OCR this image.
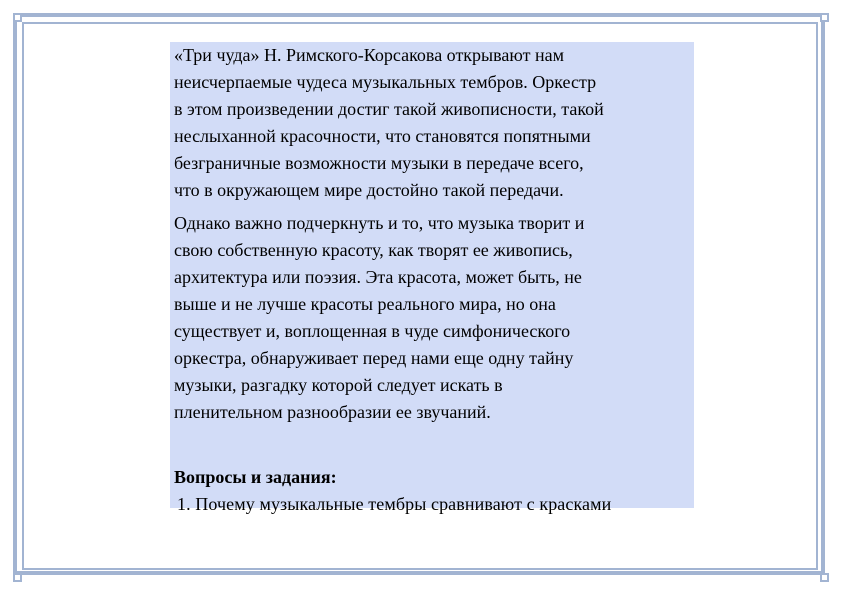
«Три чуда» Н. Римского-Корсакова открывают нам
неисчерпаемые чудеса музыкальных тембров. Оркестр
в этом произведении достиг такой живописности, такой
неслыханной красочности, что становятся попятными
безграничные возможности музыки в передаче всего,
что в окружающем мире достойно такой передачи.

Однако важно подчеркнуть и то, что музыка творит и
свою собственную красоту, как творят ее живопись,
архитектура или поэзия. Эта красота, может быть, не
выше и не лучше красоты реального мира, но она
существует и, воплощенная в чуде симфонического
оркестра, обнаруживает перед нами еще одну тайну
музыки, разгадку которой следует искать в
пленительном разнообразии ее звучаний.

Вопросы и задания:
1. Почему музыкальные тембры сравнивают с красками
